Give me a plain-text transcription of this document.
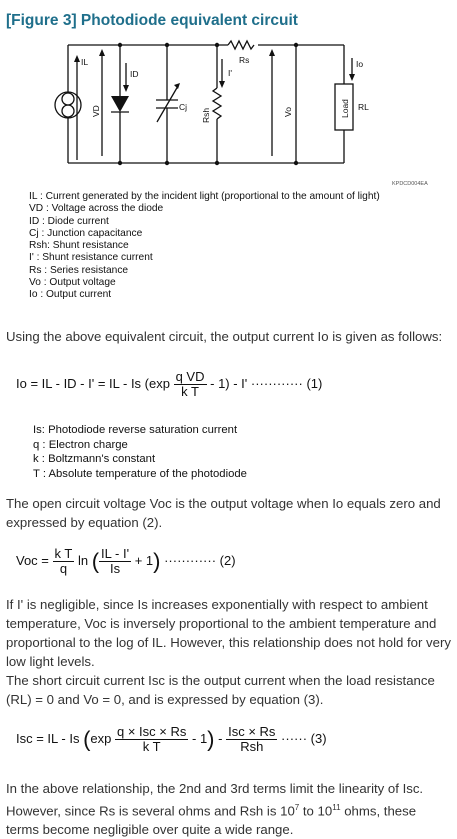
[Figure 3] Photodiode equivalent circuit
IL
ID
Cj
Rs
I'
Io
RL
VD	Rsh	Vo	Load
KPDCD004EA
IL : Current generated by the incident light (proportional to the amount of light)
VD : Voltage across the diode
ID : Diode current
Cj : Junction capacitance
Rsh: Shunt resistance
I' : Shunt resistance current
Rs : Series resistance
Vo : Output voltage
Io : Output current

Using the above equivalent circuit, the output current Io is given as follows:

Io = IL - ID - I' = IL - Is $(\exp \frac{\text{q VD}}{\text{k T}} - 1)$ - I' ············ (1)
Is: Photodiode reverse saturation current
q : Electron charge
k : Boltzmann's constant
T : Absolute temperature of the photodiode

The open circuit voltage Voc is the output voltage when Io equals zero and expressed by equation (2).

Voc = $\frac{\text{k T}}{q}$ ln ( $\frac{IL - I'}{Is} + 1$) ············ (2)

If I' is negligible, since Is increases exponentially with respect to ambient temperature, Voc is inversely proportional to the ambient temperature and proportional to the log of IL. However, this relationship does not hold for very low light levels.

The short circuit current Isc is the output current when the load resistance (RL) = 0 and Vo = 0, and is expressed by equation (3).

Isc = IL - Is $(\exp \frac{\text{q × Isc × Rs}}{\text{k T}} - 1) - \frac{\text{Isc × Rs}}{\text{Rsh}}$ ······ (3)

In the above relationship, the 2nd and 3rd terms limit the linearity of Isc. However, since Rs is several ohms and Rsh is $10^7$ to $10^{11}$ ohms, these terms become negligible over quite a wide range.
